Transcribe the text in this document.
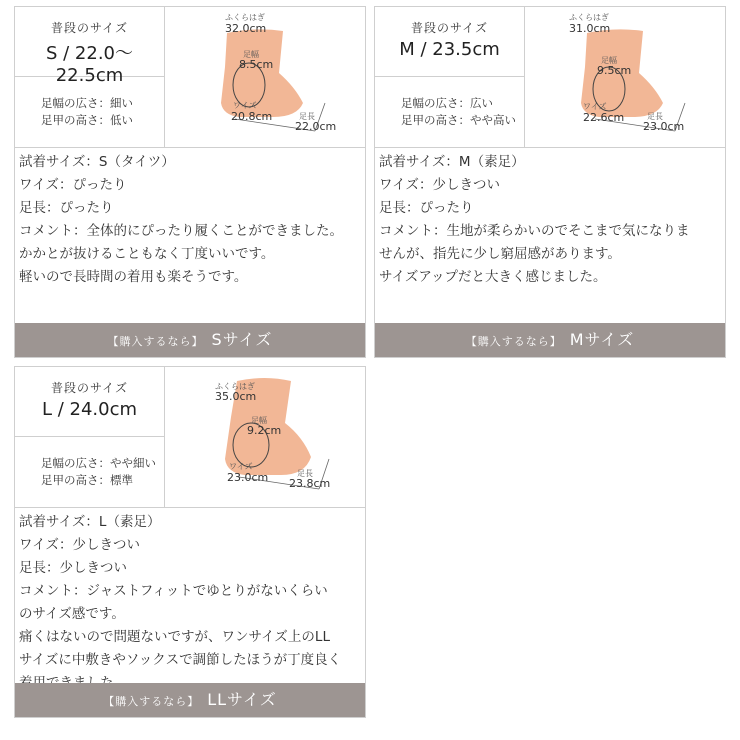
普段のサイズ
S / 22.0〜22.5cm
足幅の広さ：細い
足甲の高さ：低い
ふくらはぎ
32.0cm
足幅
8.5cm
ワイズ
20.8cm	足長
22.0cm

試着サイズ：S（タイツ）

ワイズ：ぴったり

足長：ぴったり

コメント：全体的にぴったり履くことができました。

かかとが抜けることもなく丁度いいです。

軽いので長時間の着用も楽そうです。

【購入するなら】 Sサイズ
普段のサイズ
M / 23.5cm
足幅の広さ：広い
足甲の高さ：やや高い
ふくらはぎ
31.0cm
足幅
9.5cm
ワイズ
22.6cm	足長
23.0cm

試着サイズ：M（素足）

ワイズ：少しきつい

足長：ぴったり

コメント：生地が柔らかいのでそこまで気になりま

せんが、指先に少し窮屈感があります。

サイズアップだと大きく感じました。

【購入するなら】 Mサイズ
普段のサイズ
L / 24.0cm
足幅の広さ：やや細い
足甲の高さ：標準
ふくらはぎ
35.0cm
足幅
9.2cm
ワイズ
23.0cm	足長
23.8cm

試着サイズ：L（素足）

ワイズ：少しきつい

足長：少しきつい

コメント：ジャストフィットでゆとりがないくらい

のサイズ感です。

痛くはないので問題ないですが、ワンサイズ上のLL

サイズに中敷きやソックスで調節したほうが丁度良く

【購入するなら】 LLサイズ
